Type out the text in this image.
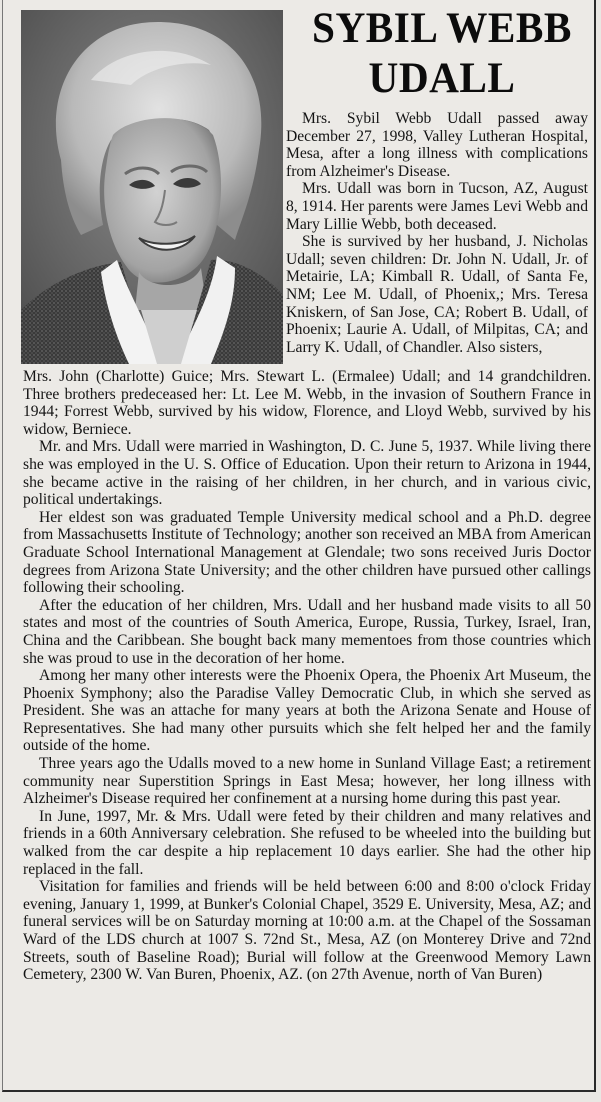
SYBIL WEBB
UDALL

Mrs. Sybil Webb Udall passed away December 27, 1998, Valley Lutheran Hospital, Mesa, after a long illness with complications from Alzheimer's Disease.

Mrs. Udall was born in Tucson, AZ, August 8, 1914. Her parents were James Levi Webb and Mary Lillie Webb, both deceased.

She is survived by her husband, J. Nicholas Udall; seven children: Dr. John N. Udall, Jr. of Metairie, LA; Kimball R. Udall, of Santa Fe, NM; Lee M. Udall, of Phoenix,; Mrs. Teresa Kniskern, of San Jose, CA; Robert B. Udall, of Phoenix; Laurie A. Udall, of Milpitas, CA; and Larry K. Udall, of Chandler. Also sisters,

Mrs. John (Charlotte) Guice; Mrs. Stewart L. (Ermalee) Udall; and 14 grandchildren. Three brothers predeceased her: Lt. Lee M. Webb, in the invasion of Southern France in 1944; Forrest Webb, survived by his widow, Florence, and Lloyd Webb, survived by his widow, Berniece.

Mr. and Mrs. Udall were married in Washington, D. C. June 5, 1937. While living there she was employed in the U. S. Office of Education. Upon their return to Arizona in 1944, she became active in the raising of her children, in her church, and in various civic, political undertakings.

Her eldest son was graduated Temple University medical school and a Ph.D. degree from Massachusetts Institute of Technology; another son received an MBA from American Graduate School International Management at Glendale; two sons received Juris Doctor degrees from Arizona State University; and the other children have pursued other callings following their schooling.

After the education of her children, Mrs. Udall and her husband made visits to all 50 states and most of the countries of South America, Europe, Russia, Turkey, Israel, Iran, China and the Caribbean. She bought back many mementoes from those countries which she was proud to use in the decoration of her home.

Among her many other interests were the Phoenix Opera, the Phoenix Art Museum, the Phoenix Symphony; also the Paradise Valley Democratic Club, in which she served as President. She was an attache for many years at both the Arizona Senate and House of Representatives. She had many other pursuits which she felt helped her and the family outside of the home.

Three years ago the Udalls moved to a new home in Sunland Village East; a retirement community near Superstition Springs in East Mesa; however, her long illness with Alzheimer's Disease required her confinement at a nursing home during this past year.

In June, 1997, Mr. & Mrs. Udall were feted by their children and many relatives and friends in a 60th Anniversary celebration. She refused to be wheeled into the building but walked from the car despite a hip replacement 10 days earlier. She had the other hip replaced in the fall.

Visitation for families and friends will be held between 6:00 and 8:00 o'clock Friday evening, January 1, 1999, at Bunker's Colonial Chapel, 3529 E. University, Mesa, AZ; and funeral services will be on Saturday morning at 10:00 a.m. at the Chapel of the Sossaman Ward of the LDS church at 1007 S. 72nd St., Mesa, AZ (on Monterey Drive and 72nd Streets, south of Baseline Road); Burial will follow at the Greenwood Memory Lawn Cemetery, 2300 W. Van Buren, Phoenix, AZ. (on 27th Avenue, north of Van Buren)
